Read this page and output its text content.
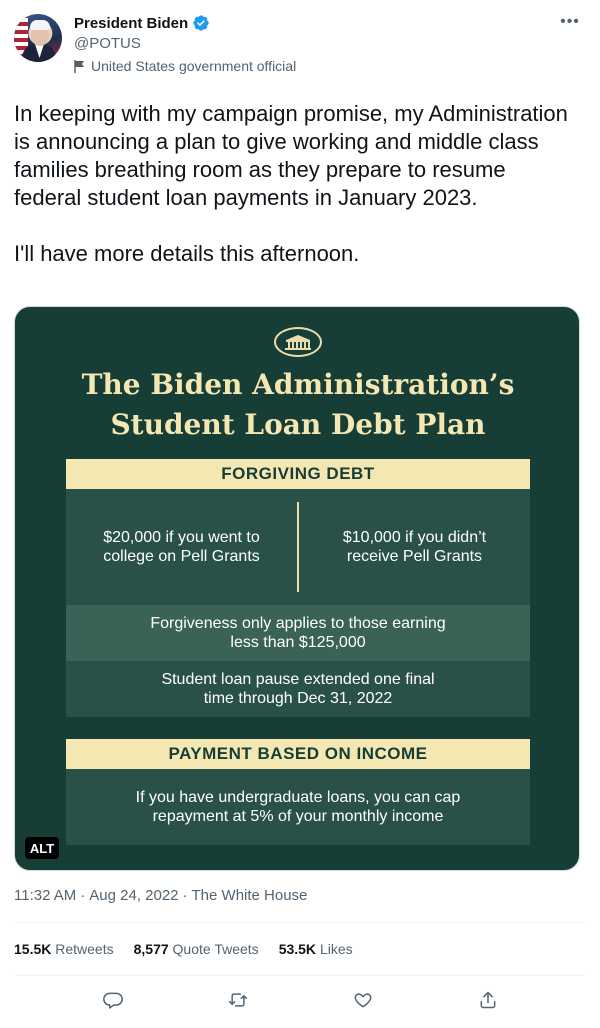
President Biden
@POTUS
United States government official
•••

In keeping with my campaign promise, my Administration is announcing a plan to give working and middle class families breathing room as they prepare to resume federal student loan payments in January 2023.

I'll have more details this afternoon.

The Biden Administration’s
Student Loan Debt Plan
FORGIVING DEBT
$20,000 if you went to college on Pell Grants
$10,000 if you didn’t receive Pell Grants
Forgiveness only applies to those earning less than $125,000
Student loan pause extended one final time through Dec 31, 2022
PAYMENT BASED ON INCOME
If you have undergraduate loans, you can cap repayment at 5% of your monthly income
ALT
11:32 AM · Aug 24, 2022 · The White House
15.5K Retweets 8,577 Quote Tweets 53.5K Likes
